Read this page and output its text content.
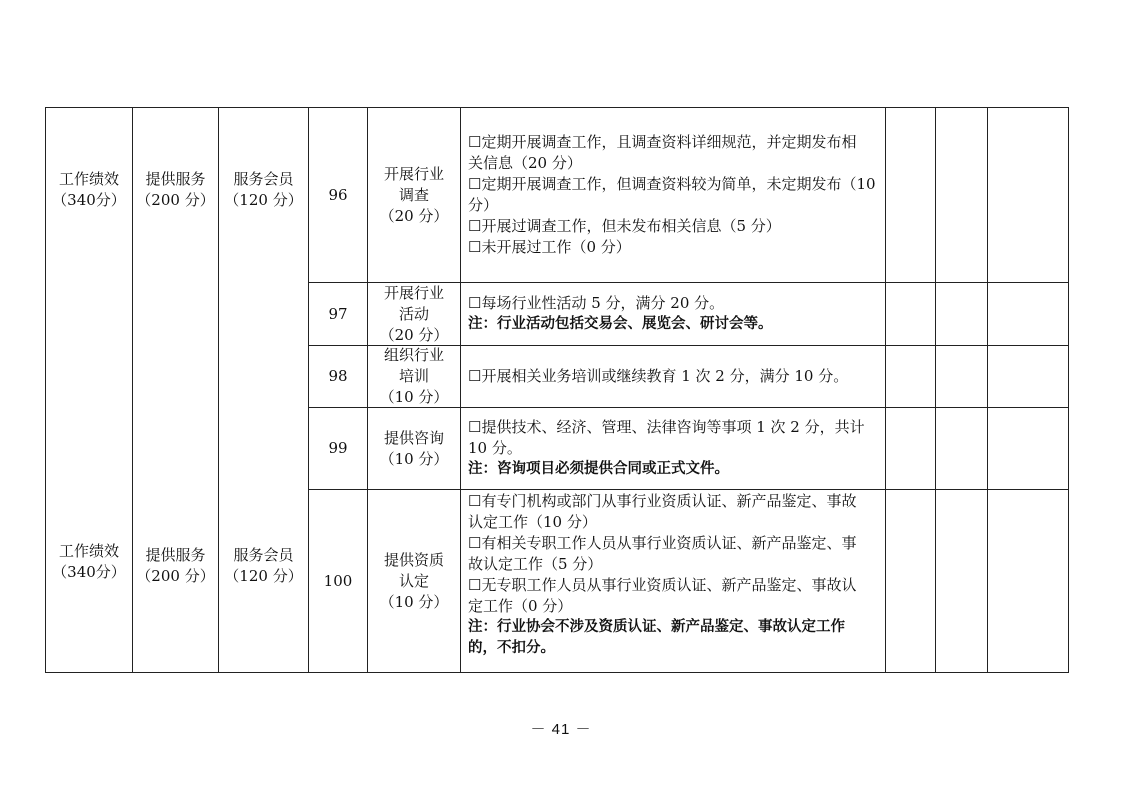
工作绩效
（340分）
提供服务
（200 分）
服务会员
（120 分）
工作绩效
（340分）
提供服务
（200 分）
服务会员
（120 分）
96
开展行业
调查
（20 分）
☐定期开展调查工作，且调查资料详细规范，并定期发布相
关信息（20 分）
☐定期开展调查工作，但调查资料较为简单，未定期发布（10
分）
☐开展过调查工作，但未发布相关信息（5 分）
☐未开展过工作（0 分）
97
开展行业
活动
（20 分）
☐每场行业性活动 5 分，满分 20 分。
注：行业活动包括交易会、展览会、研讨会等。
98
组织行业
培训
（10 分）
☐开展相关业务培训或继续教育 1 次 2 分，满分 10 分。
99
提供咨询
（10 分）
☐提供技术、经济、管理、法律咨询等事项 1 次 2 分，共计
10 分。
注：咨询项目必须提供合同或正式文件。
100
提供资质
认定
（10 分）
☐有专门机构或部门从事行业资质认证、新产品鉴定、事故
认定工作（10 分）
☐有相关专职工作人员从事行业资质认证、新产品鉴定、事
故认定工作（5 分）
☐无专职工作人员从事行业资质认证、新产品鉴定、事故认
定工作（0 分）
注：行业协会不涉及资质认证、新产品鉴定、事故认定工作
的，不扣分。
－ 41 －
